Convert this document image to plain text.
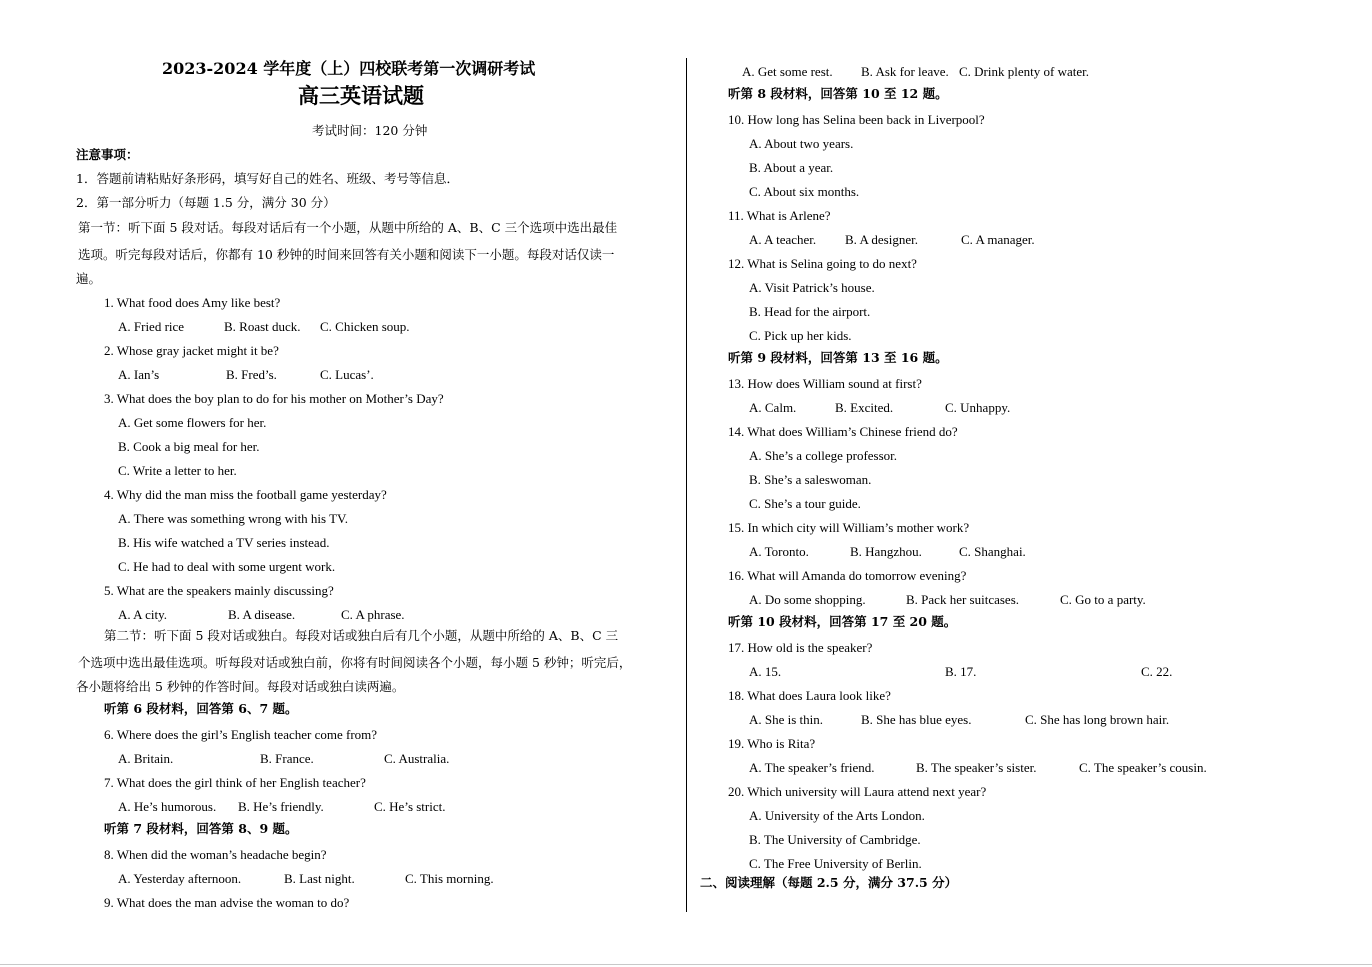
2023-2024 学年度（上）四校联考第一次调研考试
高三英语试题
考试时间：120 分钟
注意事项：
1．答题前请粘贴好条形码，填写好自己的姓名、班级、考号等信息．
2．第一部分听力（每题 1.5 分，满分 30 分）
第一节：听下面 5 段对话。每段对话后有一个小题，从题中所给的 A、B、C 三个选项中选出最佳
选项。听完每段对话后，你都有 10 秒钟的时间来回答有关小题和阅读下一小题。每段对话仅读一
遍。
1. What food does Amy like best?
A. Fried rice	B. Roast duck. C. Chicken soup.
2. Whose gray jacket might it be?
A. Ian’s	B. Fred’s.	C. Lucas’.
3. What does the boy plan to do for his mother on Mother’s Day?
A. Get some flowers for her.
B. Cook a big meal for her.
C. Write a letter to her.
4. Why did the man miss the football game yesterday?
A. There was something wrong with his TV.
B. His wife watched a TV series instead.
C. He had to deal with some urgent work.
5. What are the speakers mainly discussing?
A. A city.	B. A disease.	C. A phrase.
第二节：听下面 5 段对话或独白。每段对话或独白后有几个小题，从题中所给的 A、B、C 三
个选项中选出最佳选项。听每段对话或独白前，你将有时间阅读各个小题，每小题 5 秒钟；听完后，
各小题将给出 5 秒钟的作答时间。每段对话或独白读两遍。
听第 6 段材料，回答第 6、7 题。
6. Where does the girl’s English teacher come from?
A. Britain.	B. France.	C. Australia.
7. What does the girl think of her English teacher?
A. He’s humorous. B. He’s friendly.	C. He’s strict.
听第 7 段材料，回答第 8、9 题。
8. When did the woman’s headache begin?
A. Yesterday afternoon.	B. Last night.	C. This morning.
9. What does the man advise the woman to do?
A. Get some rest. B. Ask for leave. C. Drink plenty of water.
听第 8 段材料，回答第 10 至 12 题。
10. How long has Selina been back in Liverpool?
A. About two years.
B. About a year.
C. About six months.
11. What is Arlene?
A. A teacher. B. A designer.	C. A manager.
12. What is Selina going to do next?
A. Visit Patrick’s house.
B. Head for the airport.
C. Pick up her kids.
听第 9 段材料，回答第 13 至 16 题。
13. How does William sound at first?
A. Calm.	B. Excited.	C. Unhappy.
14. What does William’s Chinese friend do?
A. She’s a college professor.
B. She’s a saleswoman.
C. She’s a tour guide.
15. In which city will William’s mother work?
A. Toronto.	B. Hangzhou.	C. Shanghai.
16. What will Amanda do tomorrow evening?
A. Do some shopping.	B. Pack her suitcases.	C. Go to a party.
听第 10 段材料，回答第 17 至 20 题。
17. How old is the speaker?
A. 15.	B. 17.	C. 22.
18. What does Laura look like?
A. She is thin.	B. She has blue eyes.	C. She has long brown hair.
19. Who is Rita?
A. The speaker’s friend.	B. The speaker’s sister.	C. The speaker’s cousin.
20. Which university will Laura attend next year?
A. University of the Arts London.
B. The University of Cambridge.
C. The Free University of Berlin.
二、阅读理解（每题 2.5 分，满分 37.5 分）
